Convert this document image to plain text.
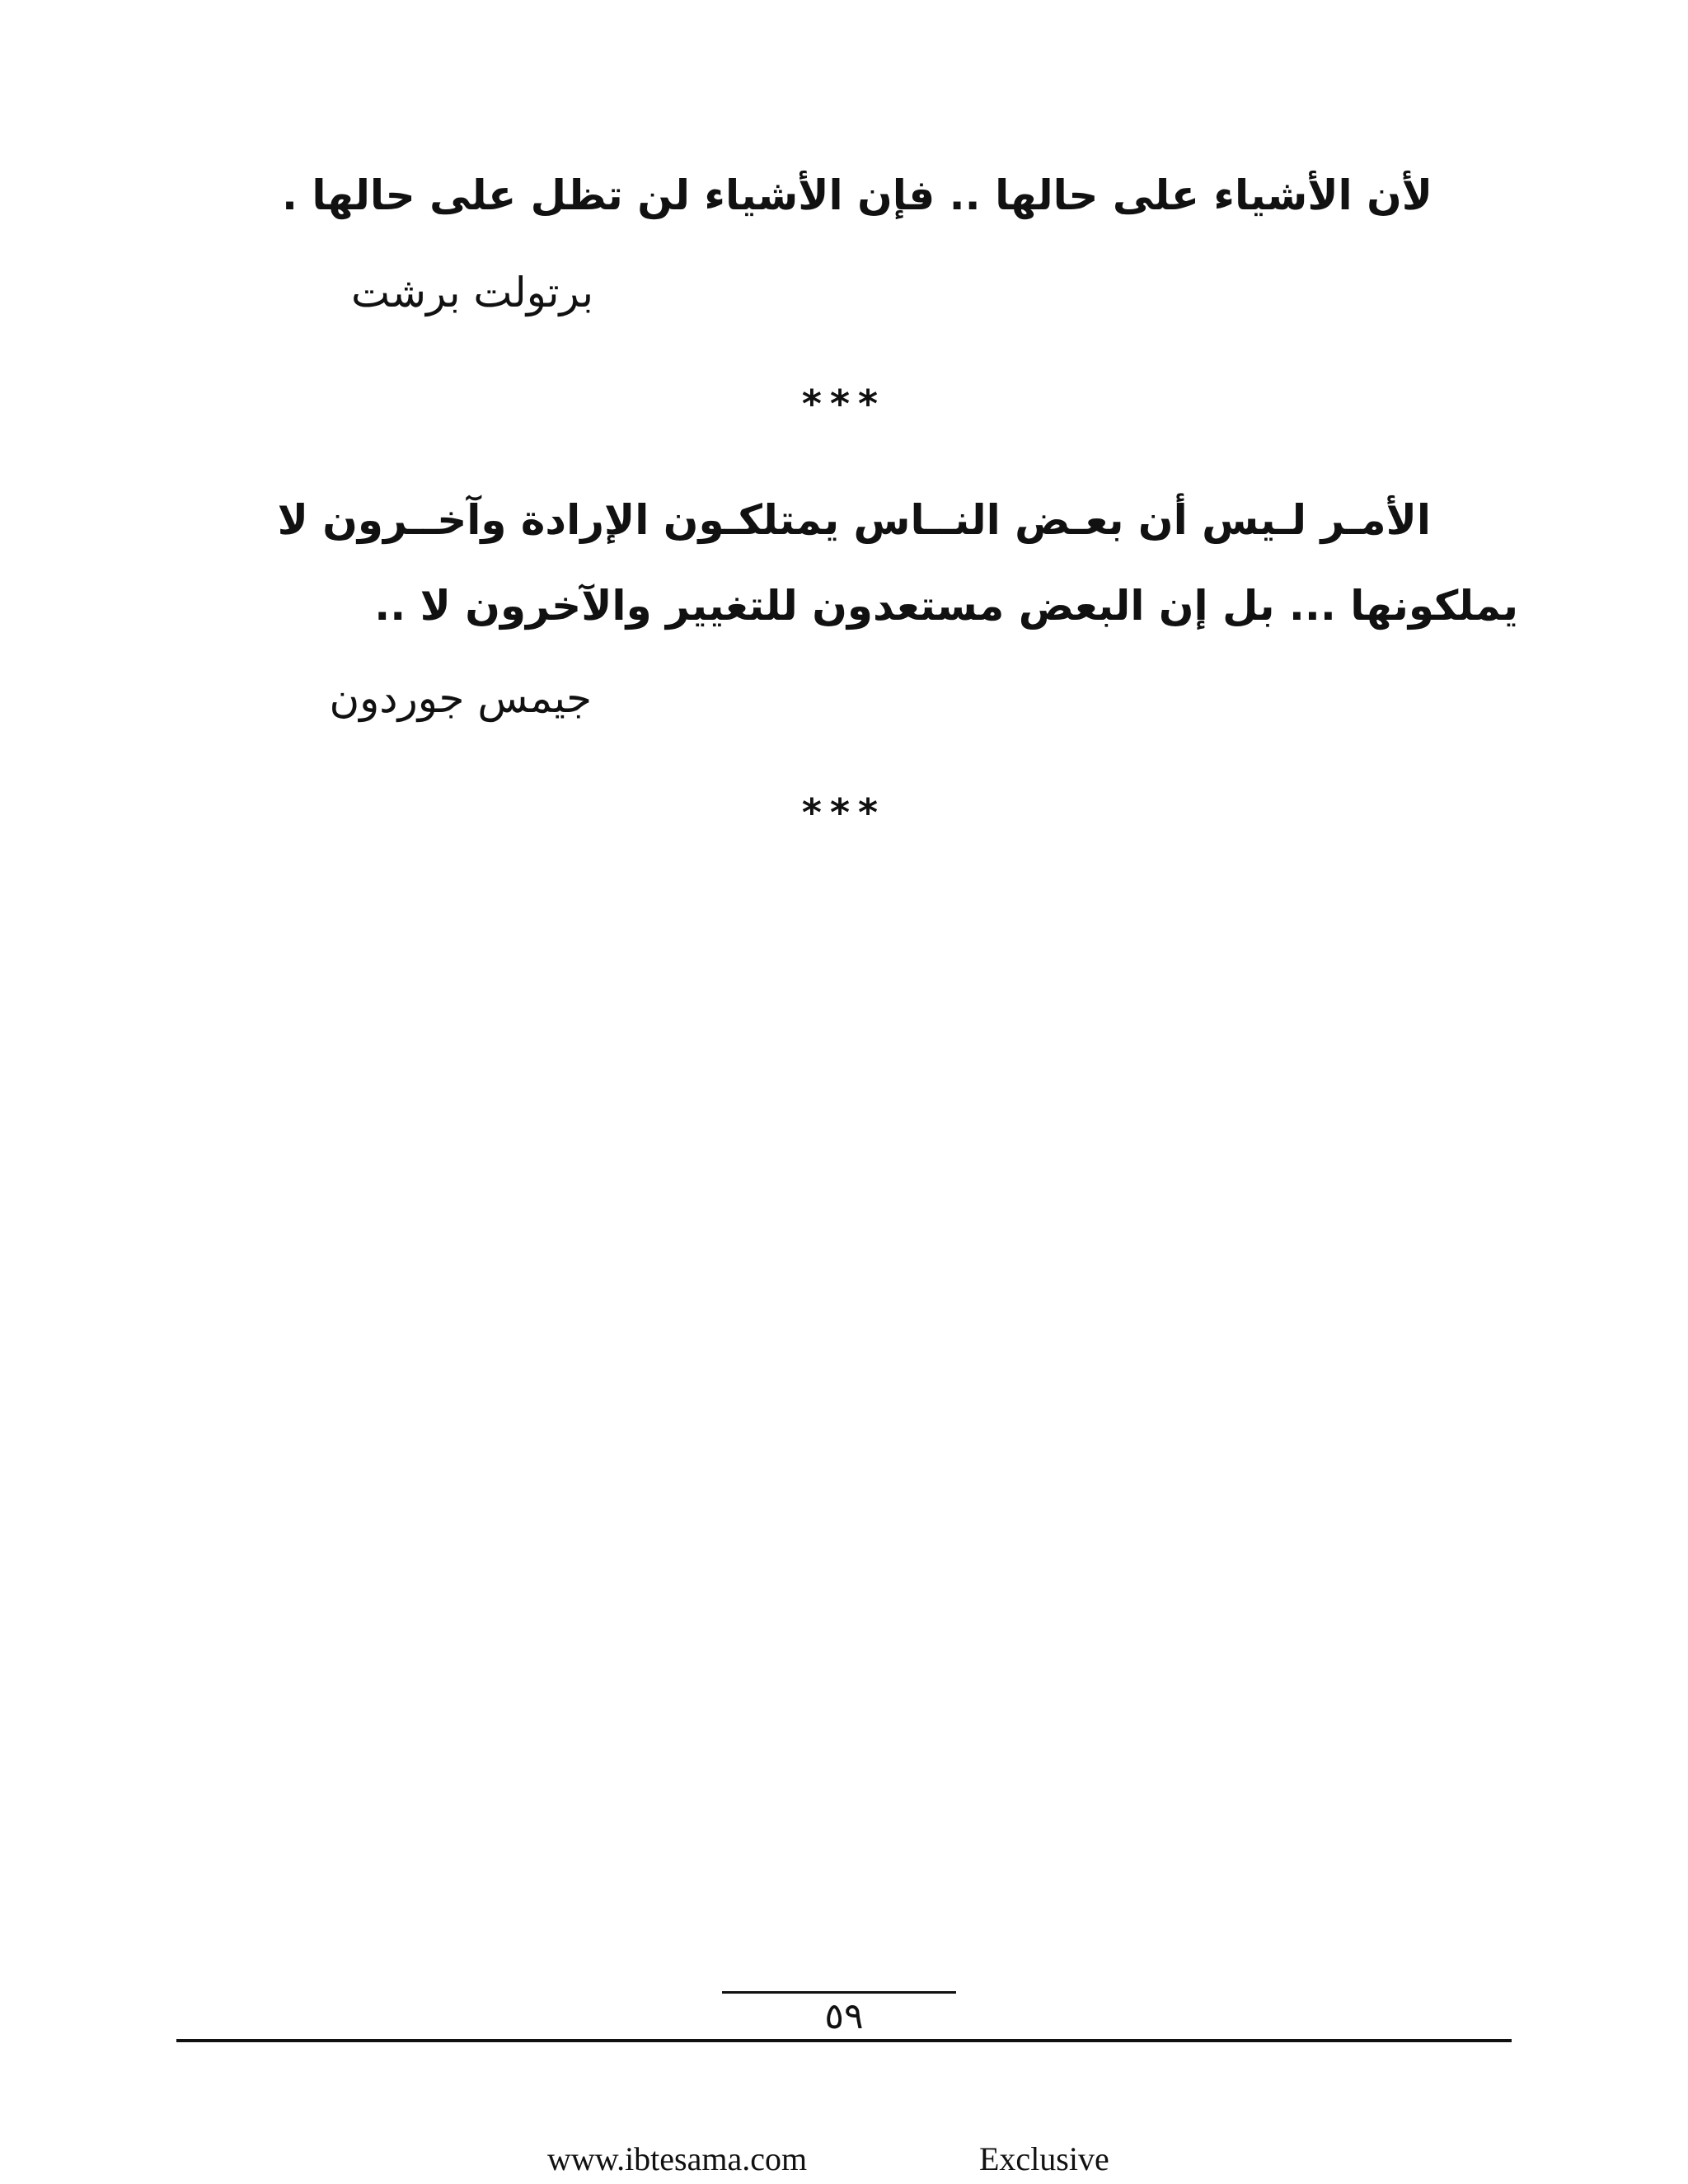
لأن الأشياء على حالها .. فإن الأشياء لن تظل على حالها .

برتولت برشت

***

الأمـر لـيس أن بعـض النــاس يمتلكـون الإرادة وآخــرون لا

يملكونها ... بل إن البعض مستعدون للتغيير والآخرون لا ..

جيمس جوردون

***
٥٩
www.ibtesama.com	Exclusive
